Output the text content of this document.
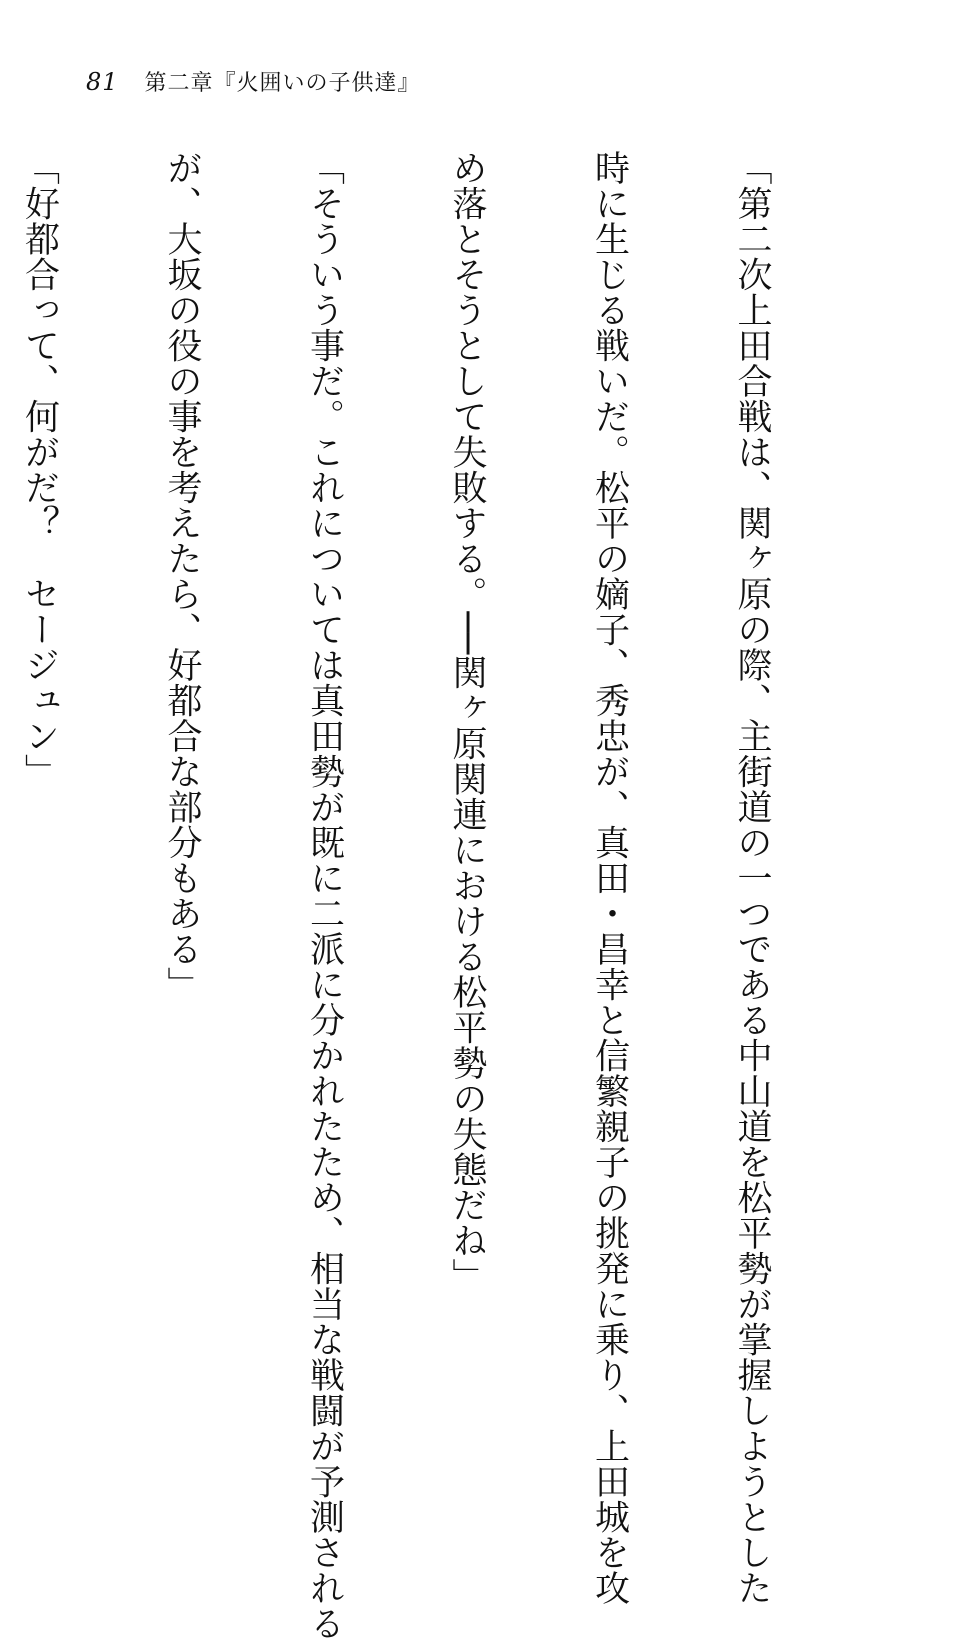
81 第二章『火囲いの子供達』

「第二次上田合戦は、関ヶ原の際、主街道の一つである中山道を松平勢が掌握しようとした

時に生じる戦いだ。松平の嫡子、秀忠が、真田・昌幸と信繁親子の挑発に乗り、上田城を攻

め落とそうとして失敗する。──関ヶ原関連における松平勢の失態だね」

「そういう事だ。これについては真田勢が既に二派に分かれたため、相当な戦闘が予測される

が、大坂の役の事を考えたら、好都合な部分もある」

「好都合って、何がだ？　セージュン」
